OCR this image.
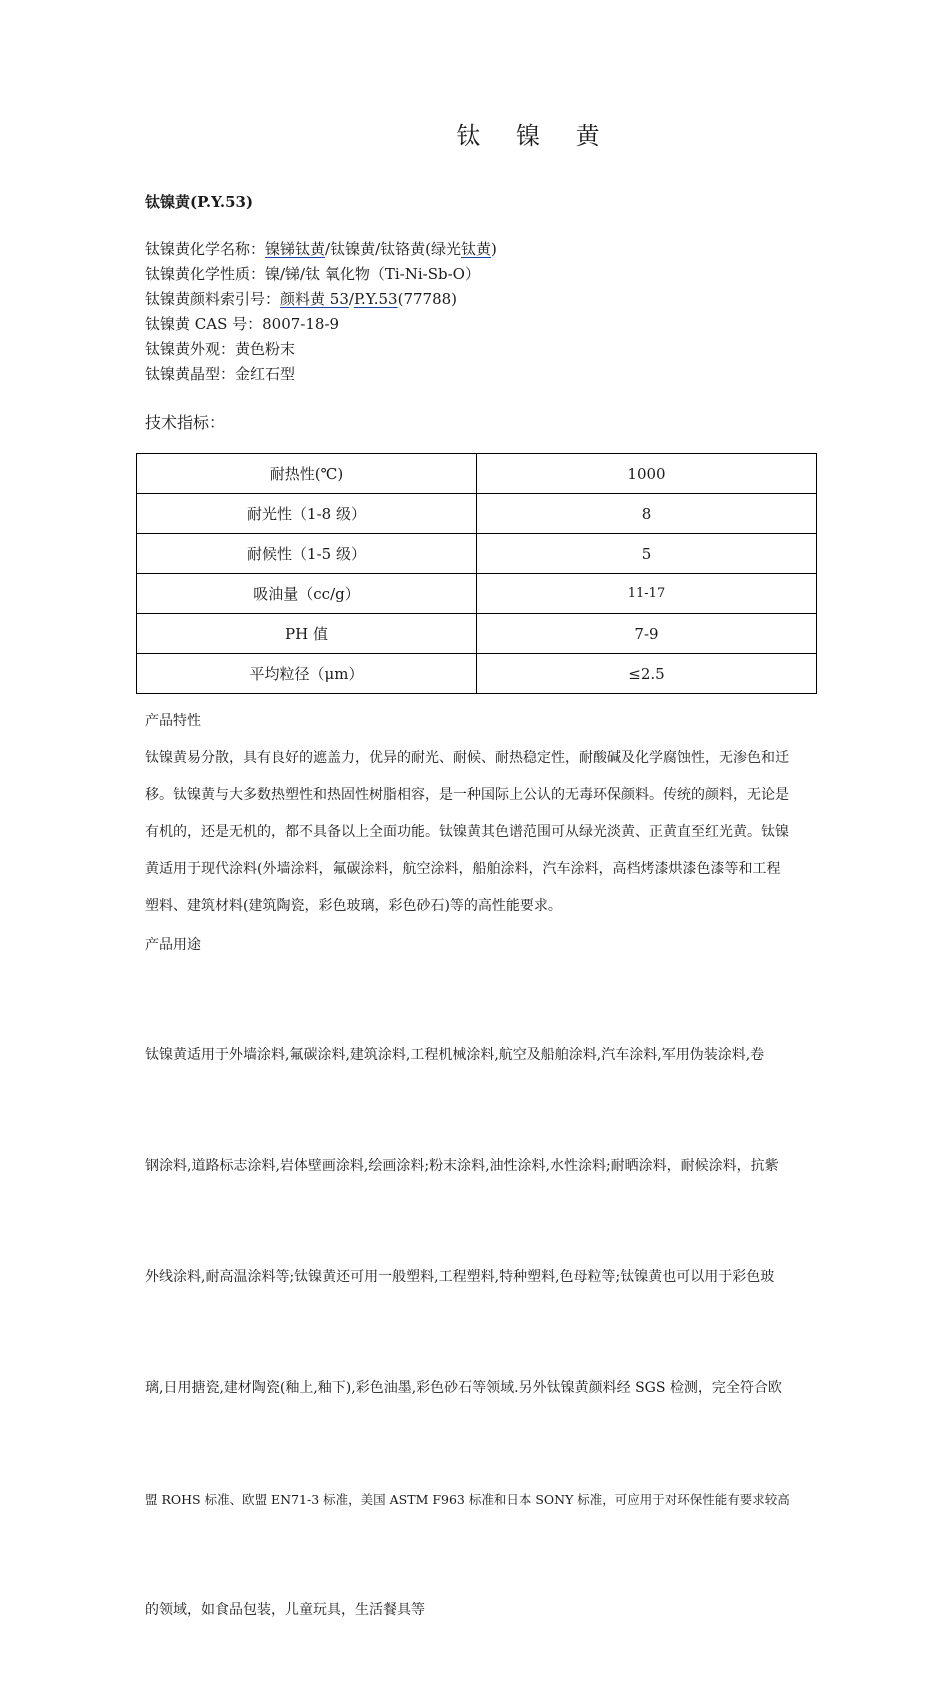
钛 镍 黄
钛镍黄(P.Y.53)
钛镍黄化学名称：镍锑钛黄/钛镍黄/钛铬黄(绿光钛黄)
钛镍黄化学性质：镍/锑/钛 氧化物（Ti-Ni-Sb-O）
钛镍黄颜料索引号：颜料黄 53/P.Y.53(77788)
钛镍黄 CAS 号：8007-18-9
钛镍黄外观：黄色粉末
钛镍黄晶型：金红石型
技术指标：
耐热性(℃)	1000
耐光性（1-8 级）	8
耐候性（1-5 级）	5
吸油量（cc/g）	11-17
PH 值	7-9
平均粒径（μm）	≤2.5
产品特性
钛镍黄易分散，具有良好的遮盖力，优异的耐光、耐候、耐热稳定性，耐酸碱及化学腐蚀性，无渗色和迁
移。钛镍黄与大多数热塑性和热固性树脂相容，是一种国际上公认的无毒环保颜料。传统的颜料，无论是
有机的，还是无机的，都不具备以上全面功能。钛镍黄其色谱范围可从绿光淡黄、正黄直至红光黄。钛镍
黄适用于现代涂料(外墙涂料，氟碳涂料，航空涂料，船舶涂料，汽车涂料，高档烤漆烘漆色漆等和工程
塑料、建筑材料(建筑陶瓷，彩色玻璃，彩色砂石)等的高性能要求。
产品用途

钛镍黄适用于外墙涂料,氟碳涂料,建筑涂料,工程机械涂料,航空及船舶涂料,汽车涂料,军用伪装涂料,卷

钢涂料,道路标志涂料,岩体壁画涂料,绘画涂料;粉末涂料,油性涂料,水性涂料;耐晒涂料，耐候涂料，抗紫

外线涂料,耐高温涂料等;钛镍黄还可用一般塑料,工程塑料,特种塑料,色母粒等;钛镍黄也可以用于彩色玻

璃,日用搪瓷,建材陶瓷(釉上,釉下),彩色油墨,彩色砂石等领域.另外钛镍黄颜料经 SGS 检测，完全符合欧

盟 ROHS 标准、欧盟 EN71-3 标准，美国 ASTM F963 标准和日本 SONY 标准，可应用于对环保性能有要求较高

的领域，如食品包装，儿童玩具，生活餐具等
